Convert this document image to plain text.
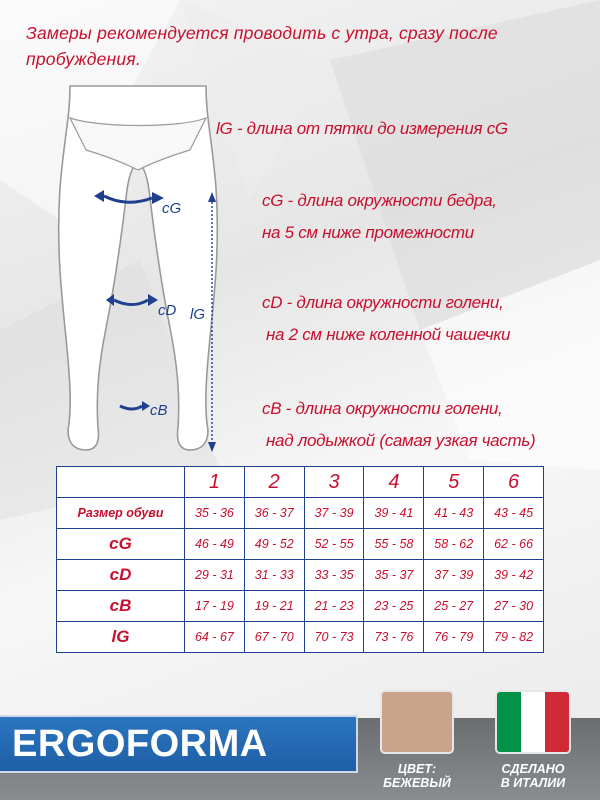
Замеры рекомендуется проводить с утра, сразу после пробуждения.
cG
cD
cB
lG
lG - длина от пятки до измерения cG
cG - длина окружности бедра,
на 5 см ниже промежности
cD - длина окружности голени,
на 2 см ниже коленной чашечки
cB - длина окружности голени,
над лодыжкой (самая узкая часть)
	1	2	3	4	5	6
Размер обуви	35 - 36	36 - 37	37 - 39	39 - 41	41 - 43	43 - 45
cG	46 - 49	49 - 52	52 - 55	55 - 58	58 - 62	62 - 66
cD	29 - 31	31 - 33	33 - 35	35 - 37	37 - 39	39 - 42
cB	17 - 19	19 - 21	21 - 23	23 - 25	25 - 27	27 - 30
lG	64 - 67	67 - 70	70 - 73	73 - 76	76 - 79	79 - 82
ERGOFORMA
ЦВЕТ:
БЕЖЕВЫЙ
СДЕЛАНО
В ИТАЛИИ
